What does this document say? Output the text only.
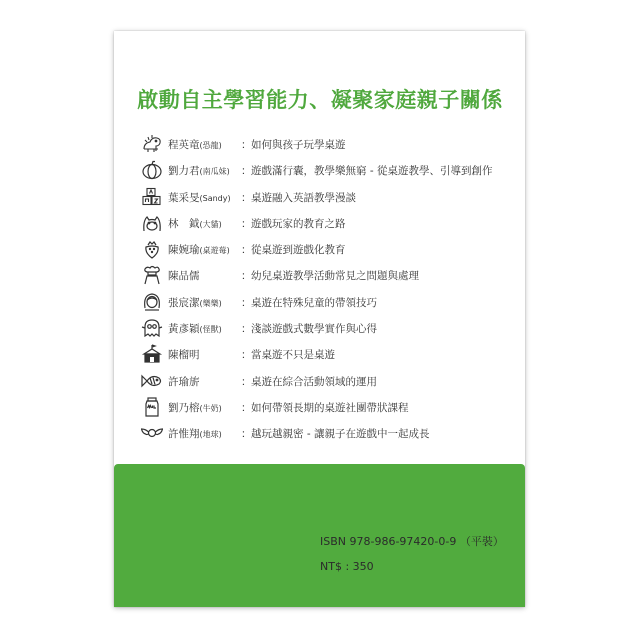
ISBN 978-986-97420-0-9 （平裝）
NT$ : 350
啟動自主學習能力、凝聚家庭親子關係
程英竜(恐龍) ： 如何與孩子玩學桌遊
劉力君(南瓜妹) ： 遊戲滿行囊，教學樂無窮 - 從桌遊教學、引導到創作
葉采旻(Sandy) ： 桌遊融入英語教學漫談
林　鉞(大貓) ： 遊戲玩家的教育之路
陳婉瑜(桌遊莓) ： 從桌遊到遊戲化教育
陳品儒	： 幼兒桌遊教學活動常見之問題與處理
張宸潔(樂樂) ： 桌遊在特殊兒童的帶領技巧
黃彥穎(怪獸) ： 淺談遊戲式數學實作與心得
陳榴明	： 當桌遊不只是桌遊
許瑜旂	： 桌遊在綜合活動領域的運用
劉乃榕(牛奶) ： 如何帶領長期的桌遊社團帶狀課程
許惟翔(地球) ： 越玩越親密 - 讓親子在遊戲中一起成長
